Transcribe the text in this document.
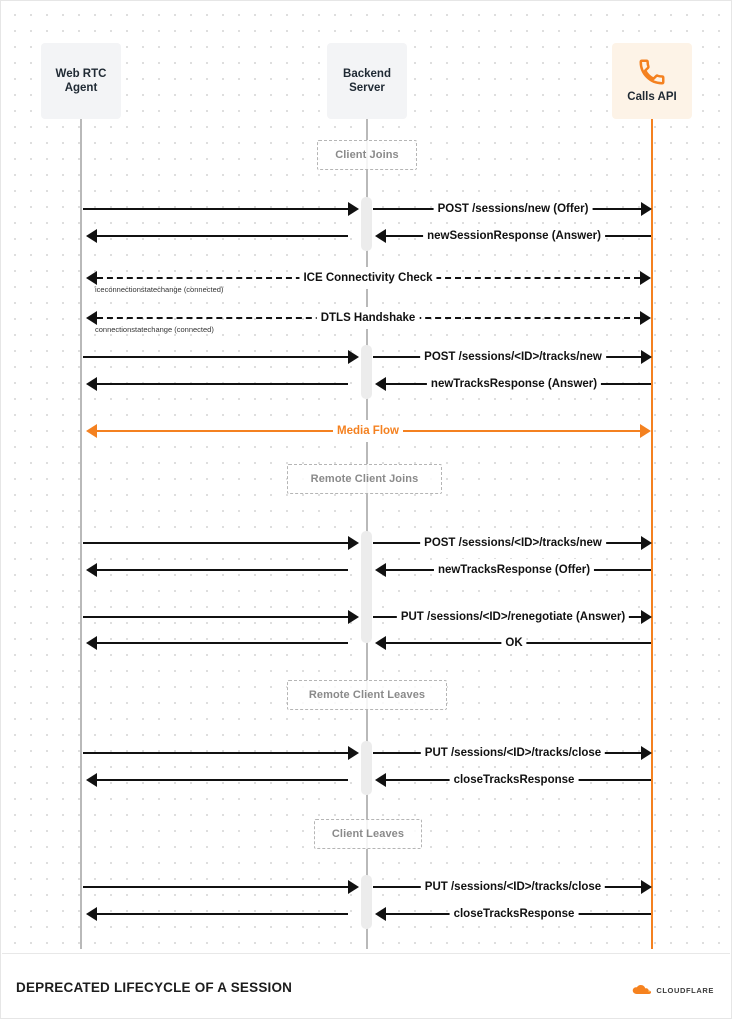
Web RTC
Agent
Backend
Server
Calls API
Client Joins
POST /sessions/new (Offer)
newSessionResponse (Answer)
ICE Connectivity Check
iceconnectionstatechange (connected)
DTLS Handshake
connectionstatechange (connected)
POST /sessions/<ID>/tracks/new
newTracksResponse (Answer)
Media Flow
Remote Client Joins
POST /sessions/<ID>/tracks/new
newTracksResponse (Offer)
PUT /sessions/<ID>/renegotiate (Answer)
OK
Remote Client Leaves
PUT /sessions/<ID>/tracks/close
closeTracksResponse
Client Leaves
PUT /sessions/<ID>/tracks/close
closeTracksResponse
DEPRECATED LIFECYCLE OF A SESSION	CLOUDFLARE
